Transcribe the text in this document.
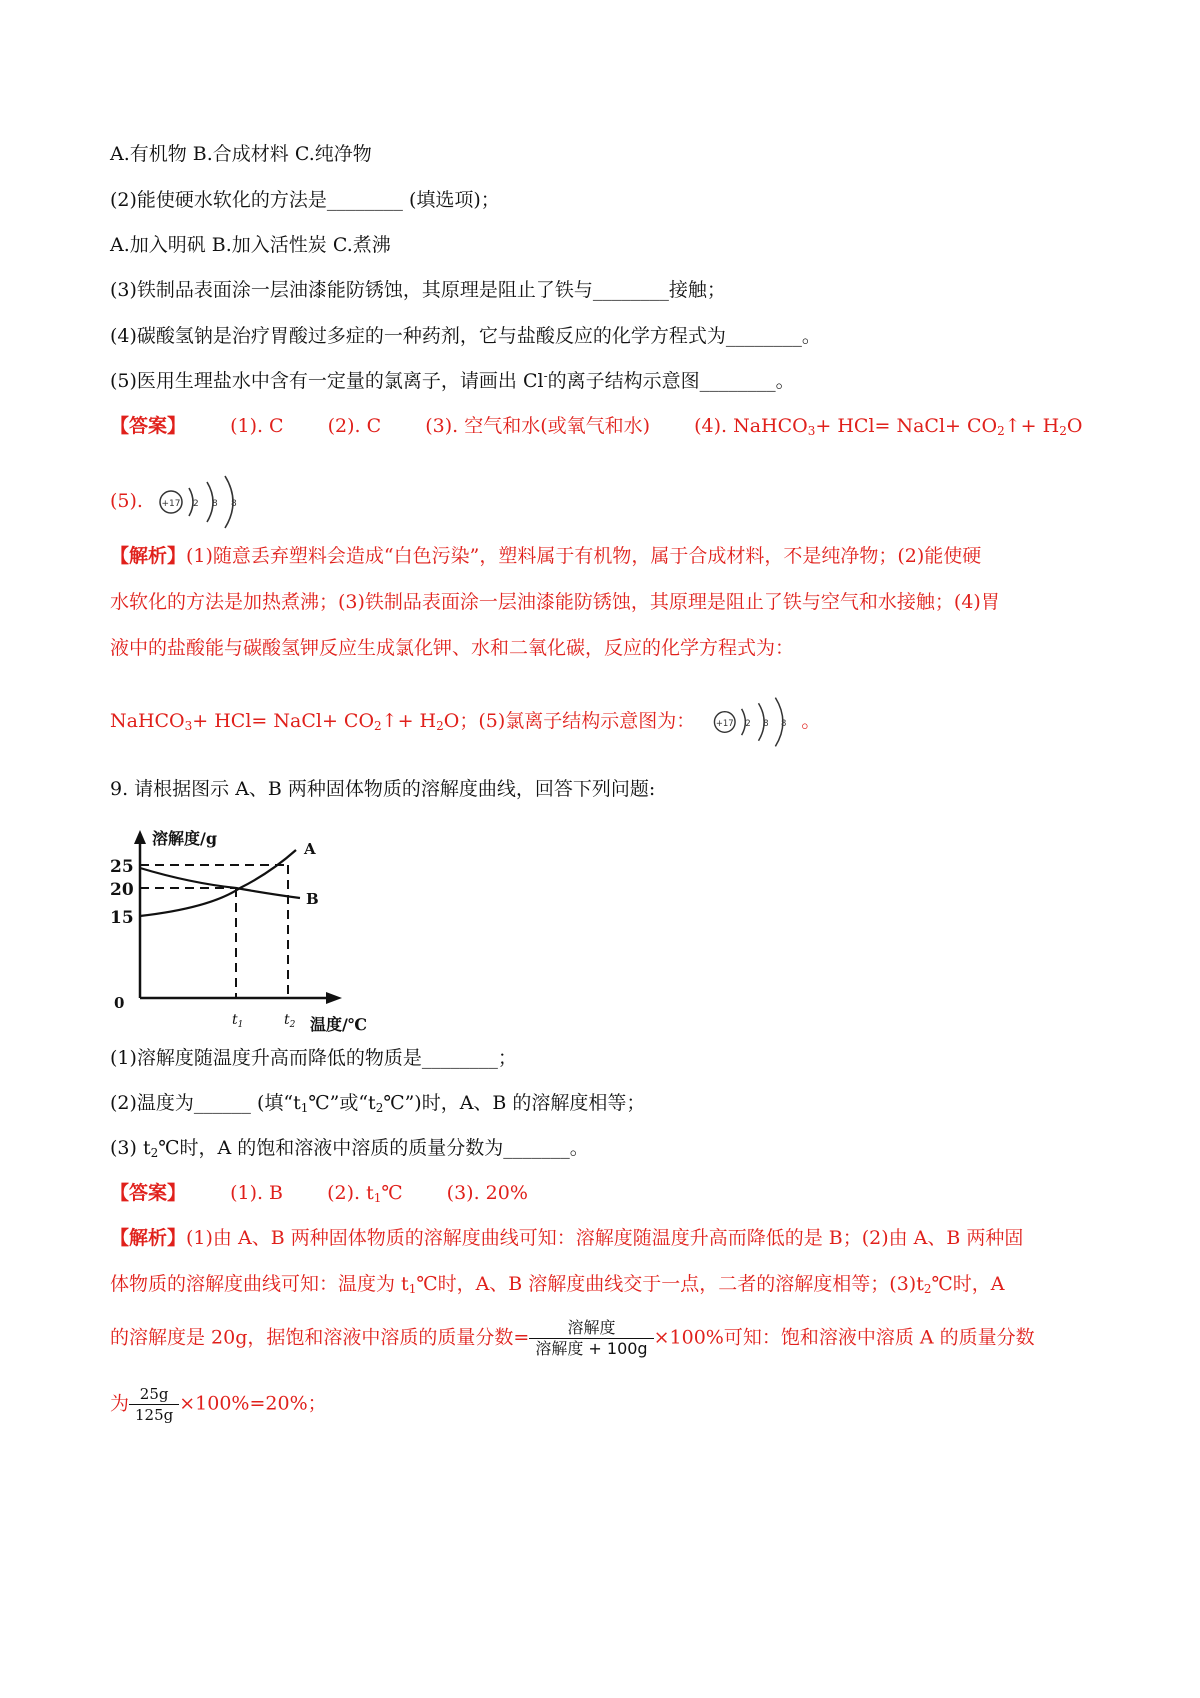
A.有机物 B.合成材料 C.纯净物
(2)能使硬水软化的方法是________ (填选项)；
A.加入明矾 B.加入活性炭 C.煮沸
(3)铁制品表面涂一层油漆能防锈蚀，其原理是阻止了铁与________接触；
(4)碳酸氢钠是治疗胃酸过多症的一种药剂，它与盐酸反应的化学方程式为________。
(5)医用生理盐水中含有一定量的氯离子，请画出 Cl-的离子结构示意图________。
【答案】 (1). C (2). C (3). 空气和水(或氧气和水) (4). NaHCO$_3$+ HCl= NaCl+ $CO_2↑+ H_2O$
(5). +17 2 8 8
【解析】(1)随意丢弃塑料会造成“白色污染”，塑料属于有机物，属于合成材料，不是纯净物；(2)能使硬
水软化的方法是加热煮沸；(3)铁制品表面涂一层油漆能防锈蚀，其原理是阻止了铁与空气和水接触；(4)胃
液中的盐酸能与碳酸氢钾反应生成氯化钾、水和二氧化碳，反应的化学方程式为：
NaHCO$_3$+ HCl= NaCl+ $CO_2↑+ H_2O$；(5)氯离子结构示意图为： +17 2 8 8 。
9. 请根据图示 A、B 两种固体物质的溶解度曲线，回答下列问题:
溶解度/g
温度/℃
0
25
20
15
A
B
$t_1$	$t_2$
(1)溶解度随温度升高而降低的物质是________；
(2)温度为______ (填“$t_1℃$”或“$t_2℃$”)时，A、B 的溶解度相等；
(3) $t_2℃$时，A 的饱和溶液中溶质的质量分数为_______。
【答案】 (1). B (2). $t_1℃$ (3). 20%
【解析】(1)由 A、B 两种固体物质的溶解度曲线可知：溶解度随温度升高而降低的是 B；(2)由 A、B 两种固
体物质的溶解度曲线可知：温度为 $t_1℃$时，A、B 溶解度曲线交于一点，二者的溶解度相等；$(3)t_2℃$时，A
的溶解度是 20g，据饱和溶液中溶质的质量分数= $\frac{\text{溶解度}}{\text{溶解度 + 100g}} \times 100\%$可知：饱和溶液中溶质 A 的质量分数
为 $\frac{25g}{125g} \times 100\%=20\%$；
